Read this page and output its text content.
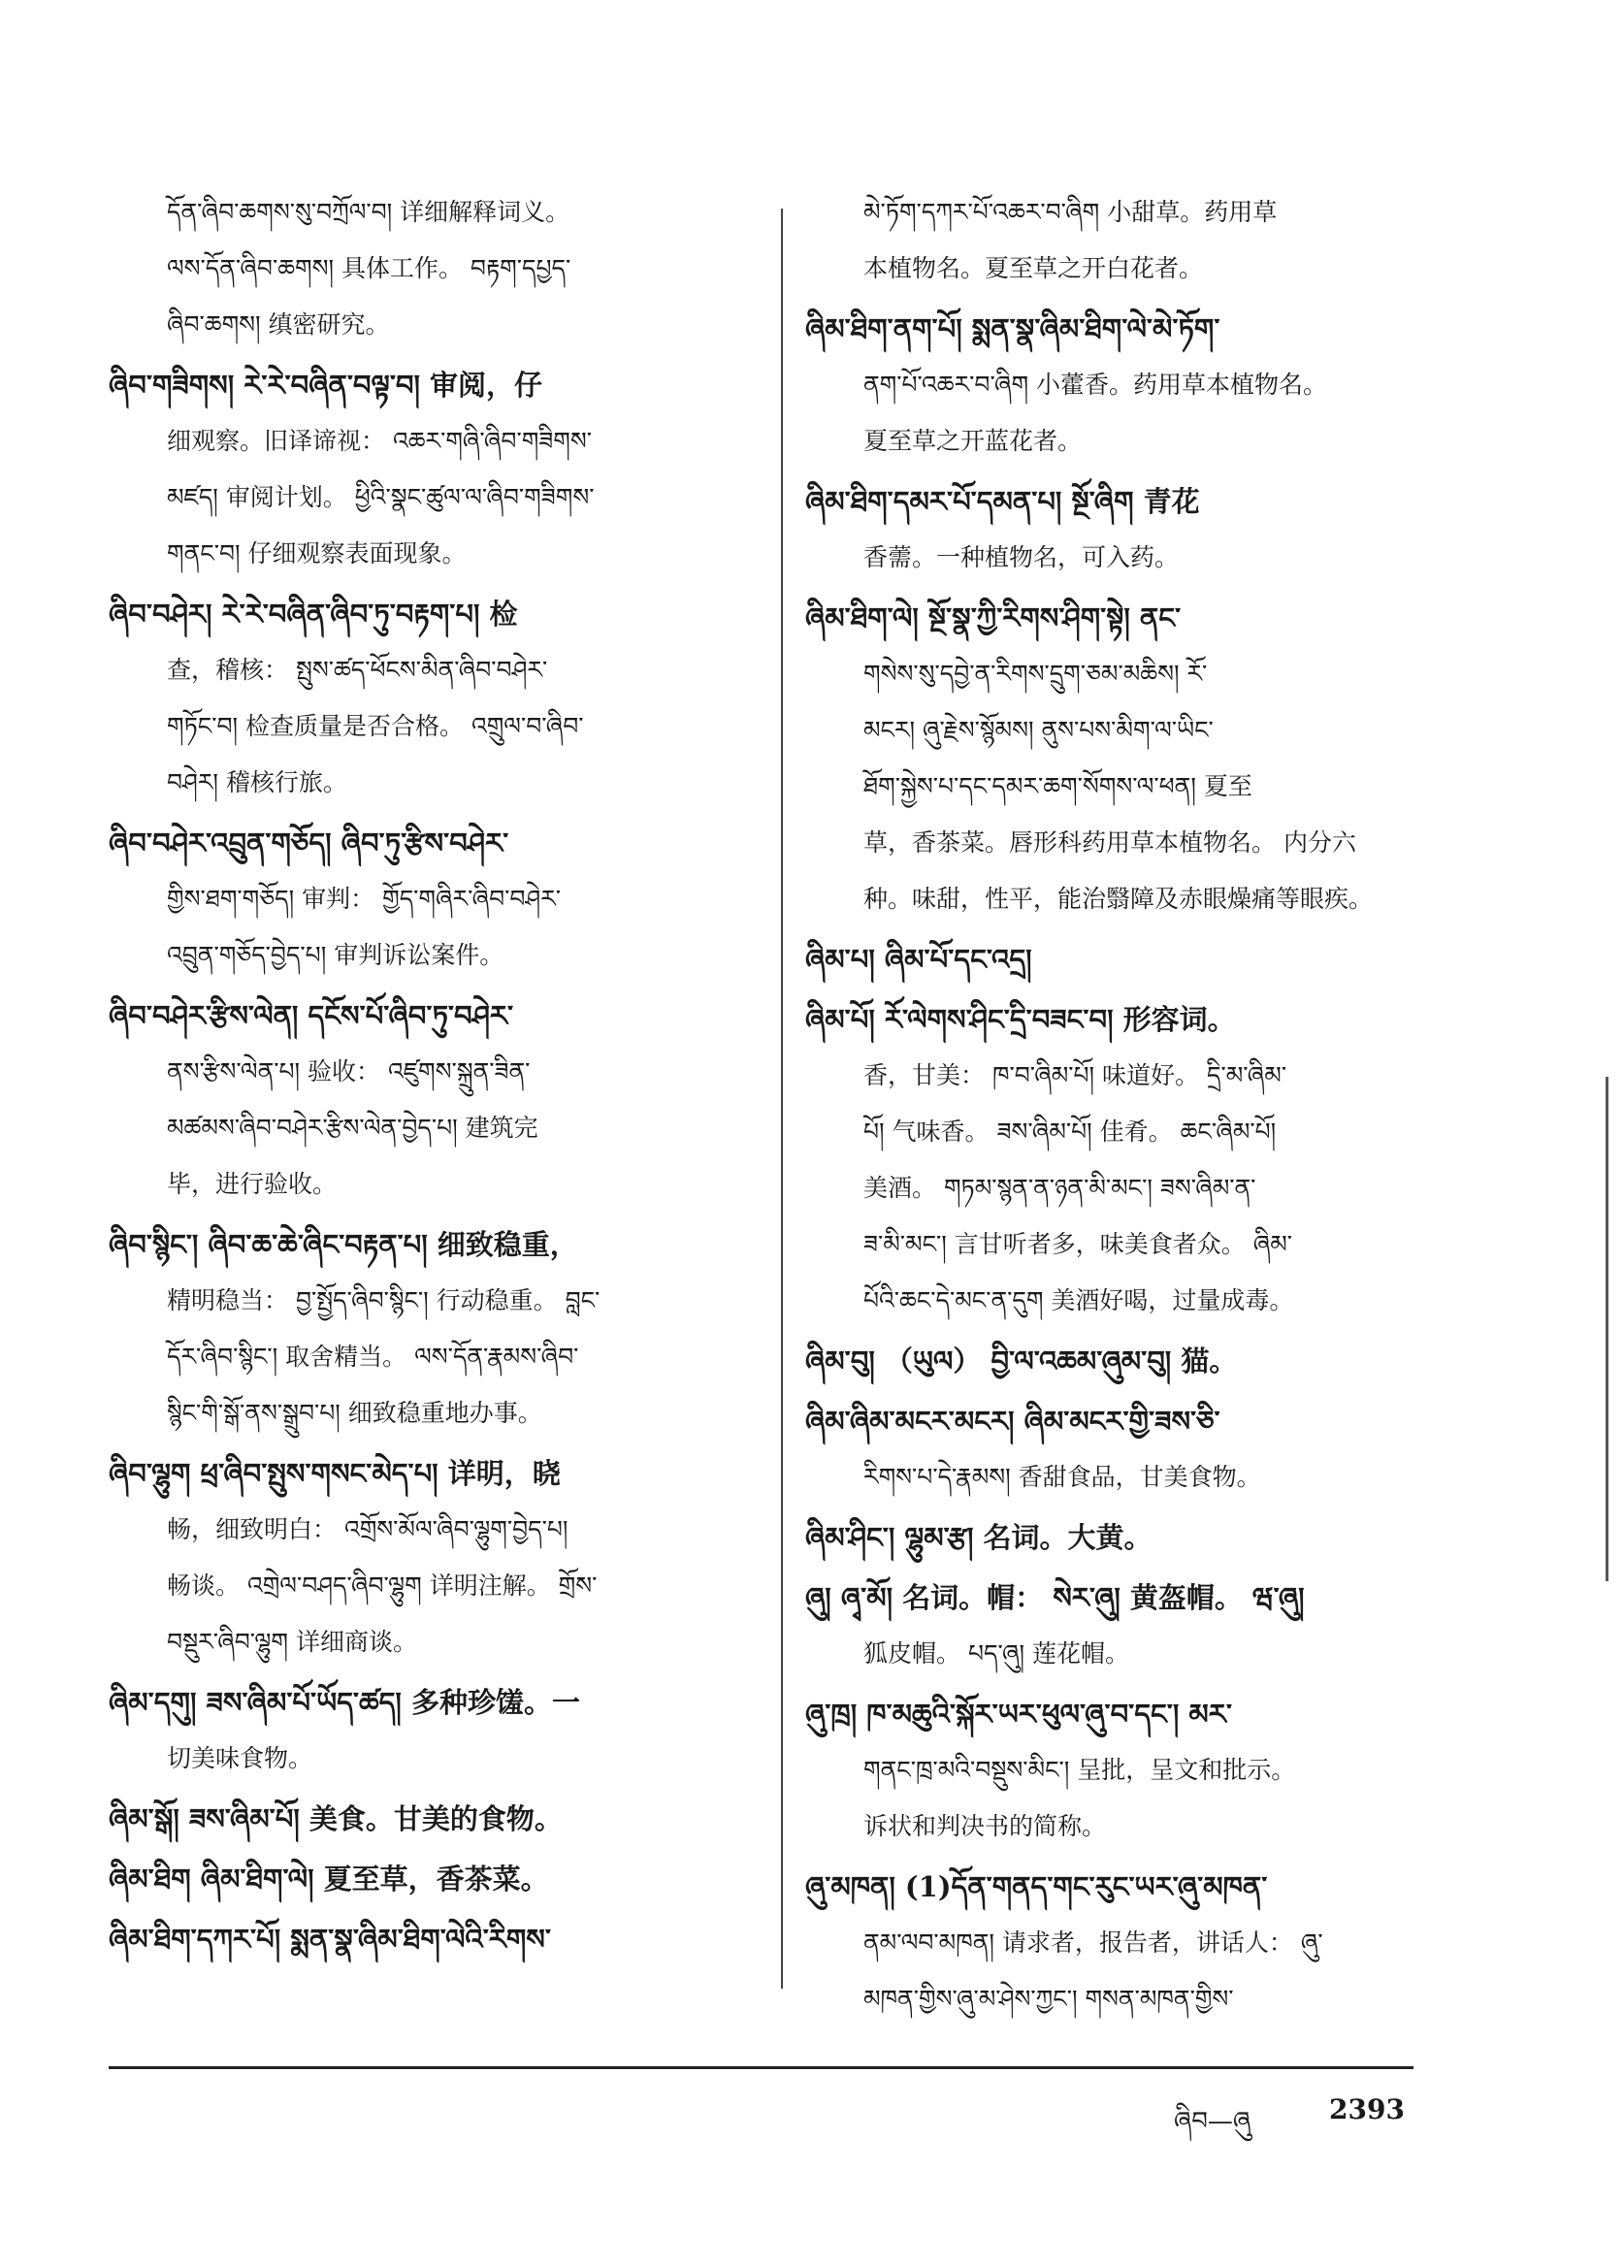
དོན་ཞིབ་ཆགས་སུ་བཀྲོལ་བ། 详细解释词义。
ལས་དོན་ཞིབ་ཆགས། 具体工作。 བརྟག་དཔྱད་
ཞིབ་ཆགས། 缜密研究。
ཞིབ་གཟིགས། རེ་རེ་བཞིན་བལྟ་བ། 审阅，仔
细观察。旧译谛视： འཆར་གཞི་ཞིབ་གཟིགས་
མཛད། 审阅计划。 ཕྱིའི་སྣང་ཚུལ་ལ་ཞིབ་གཟིགས་
གནང་བ། 仔细观察表面现象。
ཞིབ་བཤེར། རེ་རེ་བཞིན་ཞིབ་ཏུ་བརྟག་པ། 检
查，稽核： སྤུས་ཚད་ཕོངས་མིན་ཞིབ་བཤེར་
གཏོང་བ། 检查质量是否合格。 འགྲུལ་བ་ཞིབ་
བཤེར། 稽核行旅。
ཞིབ་བཤེར་འབྲུན་གཅོད། ཞིབ་ཏུ་རྩིས་བཤེར་
གྱིས་ཐག་གཅོད། 审判： གྱོད་གཞིར་ཞིབ་བཤེར་
འབྲུན་གཅོད་བྱེད་པ། 审判诉讼案件。
ཞིབ་བཤེར་རྩིས་ལེན། དངོས་པོ་ཞིབ་ཏུ་བཤེར་
ནས་རྩིས་ལེན་པ། 验收： འཛུགས་སྐྲུན་ཟིན་
མཚམས་ཞིབ་བཤེར་རྩིས་ལེན་བྱེད་པ། 建筑完
毕，进行验收。
ཞིབ་སྙིང་། ཞིབ་ཆ་ཆེ་ཞིང་བརྟན་པ། 细致稳重，
精明稳当： བྱ་སྤྱོད་ཞིབ་སྙིང་། 行动稳重。 བླང་
དོར་ཞིབ་སྙིང་། 取舍精当。 ལས་དོན་རྣམས་ཞིབ་
སྙིང་གི་སྒོ་ནས་སྒྲུབ་པ། 细致稳重地办事。
ཞིབ་ལྷུག ཕྲ་ཞིབ་སྤུས་གསང་མེད་པ། 详明，晓
畅，细致明白： འགྲོས་མོལ་ཞིབ་ལྷུག་བྱེད་པ།
畅谈。 འགྲེལ་བཤད་ཞིབ་ལྷུག 详明注解。 གྲོས་
བསྡུར་ཞིབ་ལྷུག 详细商谈。
ཞིམ་དགུ། ཟས་ཞིམ་པོ་ཡོད་ཚད། 多种珍馐。一
切美味食物。
ཞིམ་སྒོ། ཟས་ཞིམ་པོ། 美食。甘美的食物。
ཞིམ་ཐིག ཞིམ་ཐིག་ལེ། 夏至草，香茶菜。
ཞིམ་ཐིག་དཀར་པོ། སྨན་སྣ་ཞིམ་ཐིག་ལེའི་རིགས་
མེ་ཏོག་དཀར་པོ་འཆར་བ་ཞིག 小甜草。药用草
本植物名。夏至草之开白花者。
ཞིམ་ཐིག་ནག་པོ། སྨན་སྣ་ཞིམ་ཐིག་ལེ་མེ་ཏོག་
ནག་པོ་འཆར་བ་ཞིག 小藿香。药用草本植物名。
夏至草之开蓝花者。
ཞིམ་ཐིག་དམར་པོ་དམན་པ། སྔོ་ཞིག 青花
香薷。一种植物名，可入药。
ཞིམ་ཐིག་ལེ། སྔོ་སྣ་ཀྱི་རིགས་ཤིག་སྟེ། ནང་
གསེས་སུ་དབྱེ་ན་རིགས་དྲུག་ཅམ་མཆིས། རོ་
མངར། ཞུ་རྗེས་སྙོམས། ནུས་པས་མིག་ལ་ཡིང་
ཐོག་སྐྱེས་པ་དང་དམར་ཆག་སོགས་ལ་ཕན། 夏至
草，香茶菜。唇形科药用草本植物名。 内分六
种。味甜，性平，能治翳障及赤眼燥痛等眼疾。
ཞིམ་པ། ཞིམ་པོ་དང་འདྲ།
ཞིམ་པོ། རོ་ལེགས་ཤིང་དྲི་བཟང་བ། 形容词。
香，甘美： ཁ་བ་ཞིམ་པོ། 味道好。 དྲི་མ་ཞིམ་
པོ། 气味香。 ཟས་ཞིམ་པོ། 佳肴。 ཆང་ཞིམ་པོ།
美酒。 གཏམ་སྙན་ན་ཉན་མི་མང་། ཟས་ཞིམ་ན་
ཟ་མི་མང་། 言甘听者多，味美食者众。 ཞིམ་
པོའི་ཆང་དེ་མང་ན་དུག 美酒好喝，过量成毒。
ཞིམ་བུ། （ཡུལ） བྱི་ལ་འཆམ་ཞུམ་བུ། 猫。
ཞིམ་ཞིམ་མངར་མངར། ཞིམ་མངར་གྱི་ཟས་ཅི་
རིགས་པ་དེ་རྣམས། 香甜食品，甘美食物。
ཞིམ་ཤིང་། ལྷུམ་རྩ། 名词。大黄。
ཞུ། ཞྭ་མོ། 名词。帽： སེར་ཞུ། 黄盔帽。 ཝ་ཞུ།
狐皮帽。 པད་ཞུ། 莲花帽。
ཞུ་ཁྲ། ཁ་མཆུའི་སྐོར་ཡར་ཕུལ་ཞུ་བ་དང་། མར་
གནང་ཁྲ་མའི་བསྡུས་མིང་། 呈批，呈文和批示。
诉状和判决书的简称。
ཞུ་མཁན། (1)དོན་གནད་གང་རུང་ཡར་ཞུ་མཁན་
ནམ་ལབ་མཁན། 请求者，报告者，讲话人： ཞུ་
མཁན་གྱིས་ཞུ་མ་ཤེས་ཀྱང་། གསན་མཁན་གྱིས་
ཞིབ—ཞུ	2393
